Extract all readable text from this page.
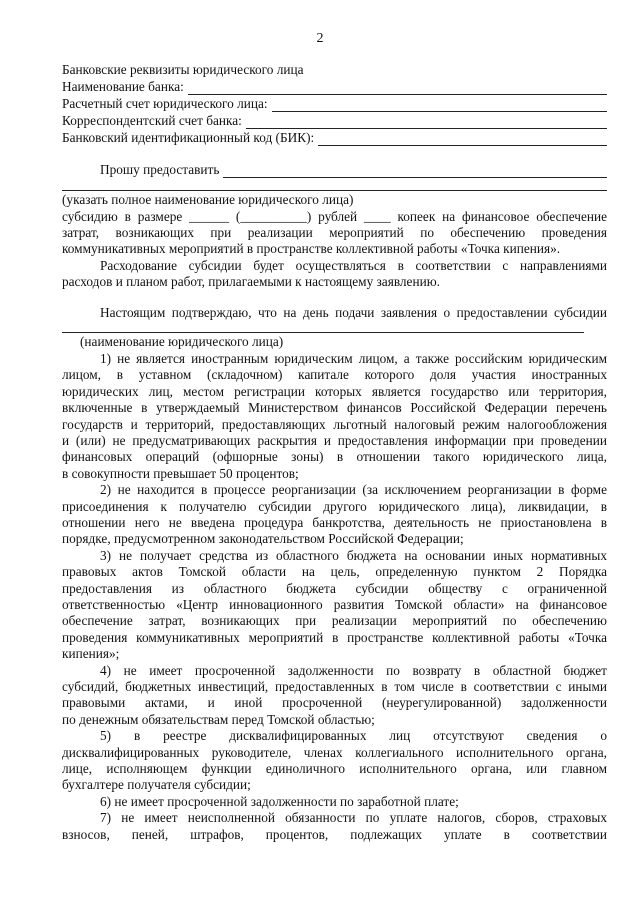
2
Банковские реквизиты юридического лица
Наименование банка:
Расчетный счет юридического лица:
Корреспондентский счет банка:
Банковский идентификационный код (БИК):
Прошу предоставить
(указать полное наименование юридического лица)
субсидию в размере ______ (__________) рублей ____ копеек на финансовое обеспечение
затрат, возникающих при реализации мероприятий по обеспечению проведения
коммуникативных мероприятий в пространстве коллективной работы «Точка кипения».
Расходование субсидии будет осуществляться в соответствии с направлениями
расходов и планом работ, прилагаемыми к настоящему заявлению.
Настоящим подтверждаю, что на день подачи заявления о предоставлении субсидии
(наименование юридического лица)
1) не является иностранным юридическим лицом, а также российским юридическим
лицом, в уставном (складочном) капитале которого доля участия иностранных
юридических лиц, местом регистрации которых является государство или территория,
включенные в утверждаемый Министерством финансов Российской Федерации перечень
государств и территорий, предоставляющих льготный налоговый режим налогообложения
и (или) не предусматривающих раскрытия и предоставления информации при проведении
финансовых операций (офшорные зоны) в отношении такого юридического лица,
в совокупности превышает 50 процентов;
2) не находится в процессе реорганизации (за исключением реорганизации в форме
присоединения к получателю субсидии другого юридического лица), ликвидации, в
отношении него не введена процедура банкротства, деятельность не приостановлена в
порядке, предусмотренном законодательством Российской Федерации;
3) не получает средства из областного бюджета на основании иных нормативных
правовых актов Томской области на цель, определенную пунктом 2 Порядка
предоставления из областного бюджета субсидии обществу с ограниченной
ответственностью «Центр инновационного развития Томской области» на финансовое
обеспечение затрат, возникающих при реализации мероприятий по обеспечению
проведения коммуникативных мероприятий в пространстве коллективной работы «Точка
кипения»;
4) не имеет просроченной задолженности по возврату в областной бюджет
субсидий, бюджетных инвестиций, предоставленных в том числе в соответствии с иными
правовыми актами, и иной просроченной (неурегулированной) задолженности
по денежным обязательствам перед Томской областью;
5) в реестре дисквалифицированных лиц отсутствуют сведения о
дисквалифицированных руководителе, членах коллегиального исполнительного органа,
лице, исполняющем функции единоличного исполнительного органа, или главном
бухгалтере получателя субсидии;
6) не имеет просроченной задолженности по заработной плате;
7) не имеет неисполненной обязанности по уплате налогов, сборов, страховых
взносов, пеней, штрафов, процентов, подлежащих уплате в соответствии
